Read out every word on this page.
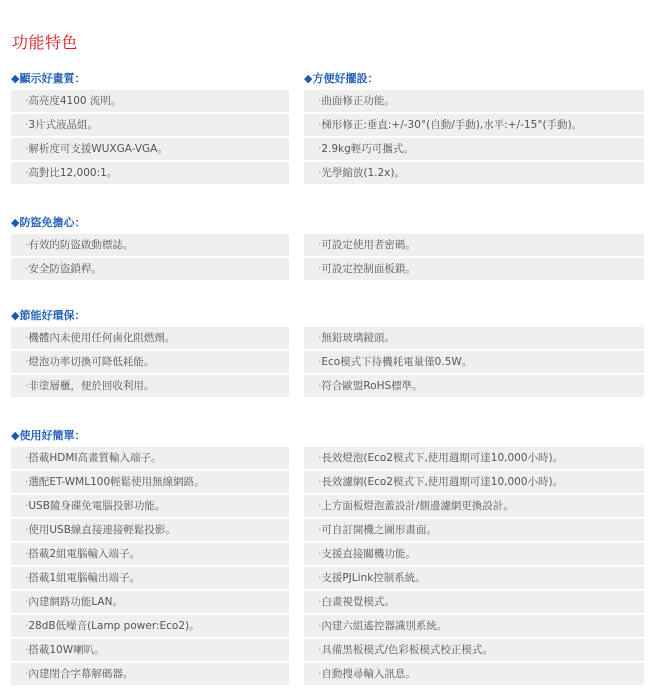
功能特色
◆顯示好畫質：	◆方便好擺設：
·高亮度4100 流明。
·3片式液晶組。
·解析度可支援WUXGA-VGA。
·高對比12,000:1。
·曲面修正功能。
·梯形修正:垂直:+/-30°(自動/手動),水平:+/-15°(手動)。
·2.9kg輕巧可攜式。
·光學縮放(1.2x)。
◆防盜免擔心：
·有效的防盜啟動標誌。
·安全防盜鎖桿。
·可設定使用者密碼。
·可設定控制面板鎖。
◆節能好環保：
·機體內未使用任何鹵化阻燃劑。
·燈泡功率切換可降低耗能。
·非塗層櫃，便於回收利用。
·無鉛玻璃鏡頭。
·Eco模式下待機耗電量僅0.5W。
·符合歐盟RoHS標準。
◆使用好簡單：
·搭載HDMI高畫質輸入端子。
·選配ET-WML100輕鬆使用無線網路。
·USB隨身碟免電腦投影功能。
·使用USB線直接連接輕鬆投影。
·搭載2組電腦輸入端子。
·搭載1組電腦輸出端子。
·內建網路功能LAN。
·28dB低噪音(Lamp power:Eco2)。
·搭載10W喇叭。
·內建閉合字幕解碼器。
·長效燈泡(Eco2模式下,使用週期可達10,000小時)。
·長效濾網(Eco2模式下,使用週期可達10,000小時)。
·上方面板燈泡蓋設計/側邊濾網更換設計。
·可自訂開機之圖形畫面。
·支援直接關機功能。
·支援PJLink控制系統。
·白畫視覺模式。
·內建六組遙控器識別系統。
·具備黑板模式/色彩板模式校正模式。
·自動搜尋輸入訊息。
